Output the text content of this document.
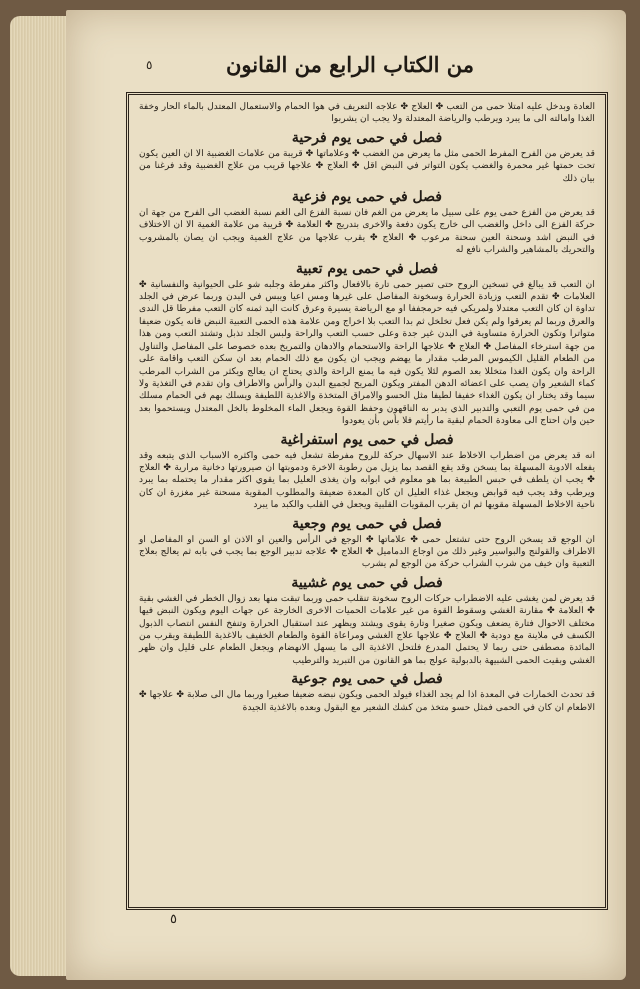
من الكتاب الرابع من القانون
٥
العادة وبدخل عليه امتلا حمى من التعب ✤ العلاج ✤ علاجه التعريف في هوا الحمام والاستعمال المعتدل بالماء الحار وخفة الغذا وامالته الى ما يبرد ويرطب والرياضة المعتدلة ولا يجب ان يشربوا
فصل في حمى يوم فرحية
قد يعرض من الفرح المفرط الحمى مثل ما يعرض من الغضب ✤ وعلاماتها ✤ قريبة من علامات الغضبية الا ان العين يكون تحت حمتها غير محمرة والغضب يكون التواتر في النبض اقل ✤ العلاج ✤ علاجها قريب من علاج الغضبية وقد فرغنا من بيان ذلك
فصل في حمى يوم فزعية
قد يعرض من الفزع حمى يوم على سبيل ما يعرض من الغم فان نسبة الفزع الى الغم نسبة الغضب الى الفرح من جهة ان حركة الفزع الى داخل والغضب الى خارج يكون دفعة والاخرى بتدريج ✤ العلامة ✤ قريبة من علامة الغمية الا ان الاختلاف في النبض اشد وسحنة العين سحنة مرعوب ✤ العلاج ✤ يقرب علاجها من علاج الغمية ويجب ان يصان بالمشروب والتحريك بالمشاهير والشراب نافع له
فصل في حمى يوم تعبية
ان التعب قد يبالغ في تسخين الروح حتى تصير حمى تارة بالافعال واكثر مفرطة وجلبه شو على الحيوانية والنفسانية ✤ العلامات ✤ تقدم التعب وزيادة الحرارة وسخونة المفاصل على غيرها ومس اعيا ويبس في البدن وربما عرض في الجلد تداوة ان كان التعب معتدلا ولمريكي فيه حرمجففا او مع الرياضة يسيرة وعرق كانت اليد ثمنه كان التعب مفرطا قل الندى والعرق وربما لم يعرقوا ولم يكن فعل تخلخل ثم بدا التعب بلا اخراج ومن علامة هذه الحمى التعبية النبض فانه يكون ضعيفا متواترا وتكون الحرارة متساوية في البدن غير جدة وعلى حسب التعب والراحة ولبس الجلد تذبل وتشتد التعب ومن هذا من جهة استرخاء المفاصل ✤ العلاج ✤ علاجها الراحة والاستحمام والادهان والتمريخ بعده خصوصا على المفاصل والتناول من الطعام القليل الكيموس المرطب مقدار ما يهضم ويجب ان يكون مع ذلك الحمام بعد ان سكن التعب واقامة على الراحة وان يكون الغذا متخللا بعد الصوم لئلا يكون فيه ما يمنع الراحة والذي يحتاج ان يعالج ويكثر من الشراب المرطب كماء الشعير وان يصب على اعضائه الدهن المفتر ويكون المريح لجميع البدن والرأس والاطراف وان تقدم في التغذية ولا سيما وقد يختار ان يكون الغذاء خفيفا لطيفا مثل الحسو والامراق المتخذة والاغذية اللطيفة ويسلك بهم في الحمام مسلك من في حمى يوم التعبي والتدبير الذي يدبر به الناقهون وحفظ القوة ويجعل الماء المخلوط بالخل المعتدل ويستحموا بعد حين وان احتاج الى معاودة الحمام لبقية ما رأيتم فلا بأس بأن يعودوا
فصل في حمى يوم استفراغية
انه قد يعرض من اضطراب الاخلاط عند الاسهال حركة للروح مفرطة تشعل فيه حمى واكثره الاسباب الذي يتبعه وقد يفعله الادوية المسهلة بما يسخن وقد يقع القصد بما يزيل من رطوبة الاخرة ودمويتها ان صيرورتها دخانية مرارية ✤ العلاج ✤ يجب ان يلطف في حبس الطبيعة بما هو معلوم في ابوابه وان يغذى العليل بما يقوي اكثر مقدار ما يحتمله بما يبرد ويرطب وقد يجب فيه قوابض ويجعل غذاء العليل ان كان المعدة ضعيفة والمطلوب المقوية مسحنة غير مغزرة ان كان ناحية الاخلاط المسهلة مقويها ثم ان يقرب المقويات القلبية ويجعل في القلب والكبد ما يبرد
فصل في حمى يوم وجعية
ان الوجع قد يسخن الروح حتى تشتعل حمى ✤ علاماتها ✤ الوجع في الرأس والعين او الاذن او السن او المفاصل او الاطراف والقولنج والبواسير وغير ذلك من اوجاع الدماميل ✤ العلاج ✤ علاجه تدبير الوجع بما يجب في بابه ثم يعالج بعلاج التعبية وان خيف من شرب الشراب حركة من الوجع لم يشرب
فصل في حمى يوم غشيية
قد يعرض لمن يغشى عليه الاضطراب حركات الروح سخونة تنقلب حمى وربما تبقت منها بعد زوال الخطر في الغشي بقية ✤ العلامة ✤ مقارنة الغشي وسقوط القوة من غير علامات الحميات الاخرى الخارجة عن جهات اليوم ويكون النبض فيها مختلف الاحوال فتارة يضعف ويكون صغيرا وتارة يقوى ويشتد ويظهر عند استقبال الحرارة وتنفخ النفس انتصاب الذبول الكسف في ملاينة مع دودية ✤ العلاج ✤ علاجها علاج الغشي ومراعاة القوة والطعام الخفيف بالاغذية اللطيفة ويقرب من المائدة مصطفى حتى ربما لا يحتمل المدرع فلتحل الاغذية الى ما يسهل الانهضام ويجعل الطعام على قليل وان ظهر الغشي وبقيت الحمى الشبيهة بالدبولية عولج بما هو القانون من التبريد والترطيب
فصل في حمى يوم جوعية
قد تحدث الخمارات في المعدة اذا لم يجد الغذاء فيولد الحمى ويكون نبضه ضعيفا صغيرا وربما مال الى صلابة ✤ علاجها ✤ الاطعام ان كان في الحمى فمثل حسو متخذ من كشك الشعير مع البقول وبعده بالاغذية الجيدة
٥
